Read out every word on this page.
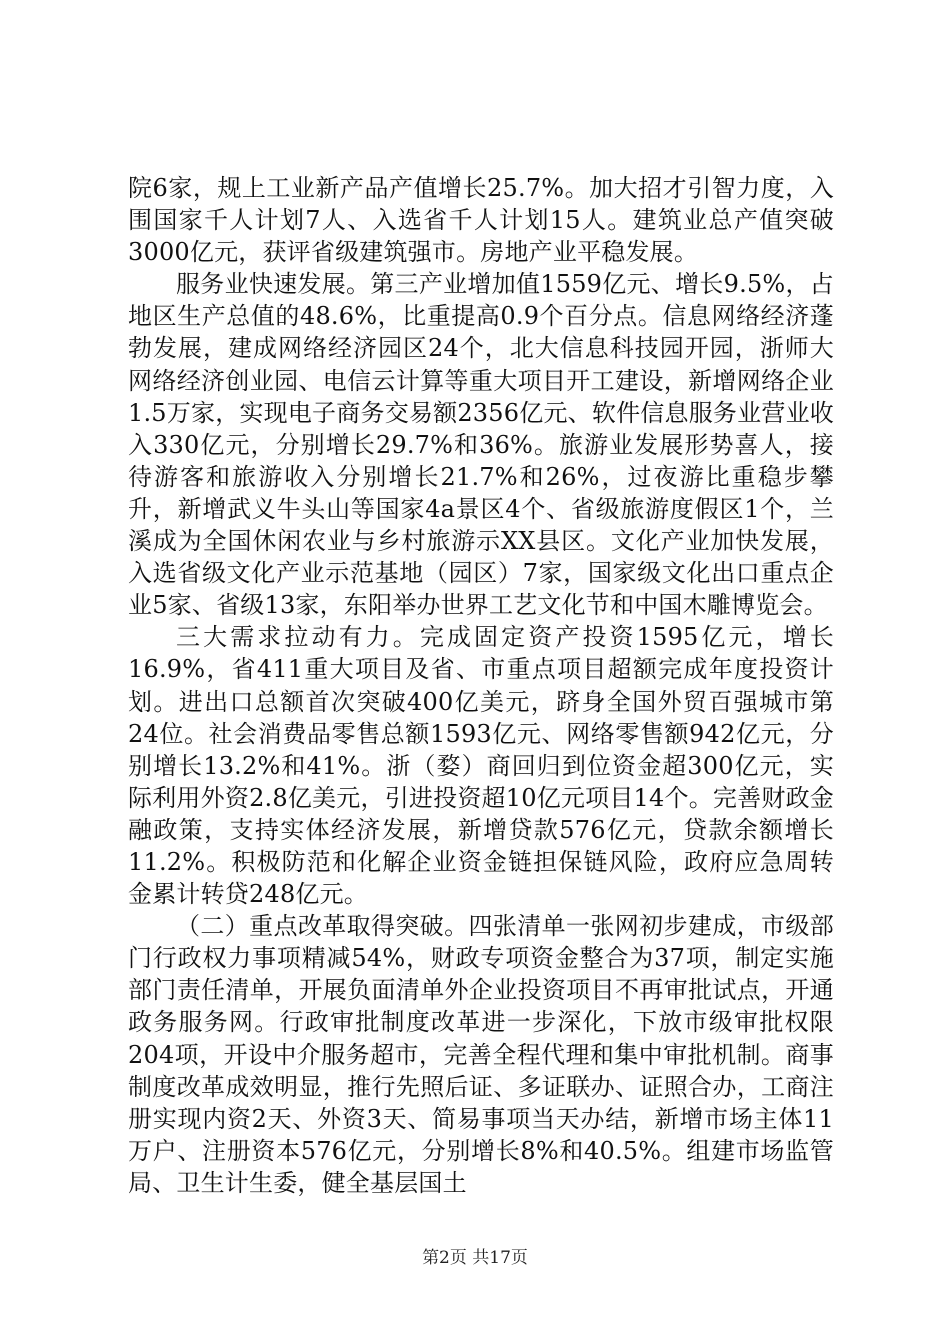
院6家，规上工业新产品产值增长25.7%。加大招才引智力度，入围国家千人计划7人、入选省千人计划15人。建筑业总产值突破3000亿元，获评省级建筑强市。房地产业平稳发展。

服务业快速发展。第三产业增加值1559亿元、增长9.5%，占地区生产总值的48.6%，比重提高0.9个百分点。信息网络经济蓬勃发展，建成网络经济园区24个，北大信息科技园开园，浙师大网络经济创业园、电信云计算等重大项目开工建设，新增网络企业1.5万家，实现电子商务交易额2356亿元、软件信息服务业营业收入330亿元，分别增长29.7%和36%。旅游业发展形势喜人，接待游客和旅游收入分别增长21.7%和26%，过夜游比重稳步攀升，新增武义牛头山等国家4a景区4个、省级旅游度假区1个，兰溪成为全国休闲农业与乡村旅游示XX县区。文化产业加快发展，入选省级文化产业示范基地（园区）7家，国家级文化出口重点企业5家、省级13家，东阳举办世界工艺文化节和中国木雕博览会。

三大需求拉动有力。完成固定资产投资1595亿元，增长16.9%，省411重大项目及省、市重点项目超额完成年度投资计划。进出口总额首次突破400亿美元，跻身全国外贸百强城市第24位。社会消费品零售总额1593亿元、网络零售额942亿元，分别增长13.2%和41%。浙（婺）商回归到位资金超300亿元，实际利用外资2.8亿美元，引进投资超10亿元项目14个。完善财政金融政策，支持实体经济发展，新增贷款576亿元，贷款余额增长11.2%。积极防范和化解企业资金链担保链风险，政府应急周转金累计转贷248亿元。

（二）重点改革取得突破。四张清单一张网初步建成，市级部门行政权力事项精减54%，财政专项资金整合为37项，制定实施部门责任清单，开展负面清单外企业投资项目不再审批试点，开通政务服务网。行政审批制度改革进一步深化，下放市级审批权限204项，开设中介服务超市，完善全程代理和集中审批机制。商事制度改革成效明显，推行先照后证、多证联办、证照合办，工商注册实现内资2天、外资3天、简易事项当天办结，新增市场主体11万户、注册资本576亿元，分别增长8%和40.5%。组建市场监管局、卫生计生委，健全基层国土

第2页 共17页
